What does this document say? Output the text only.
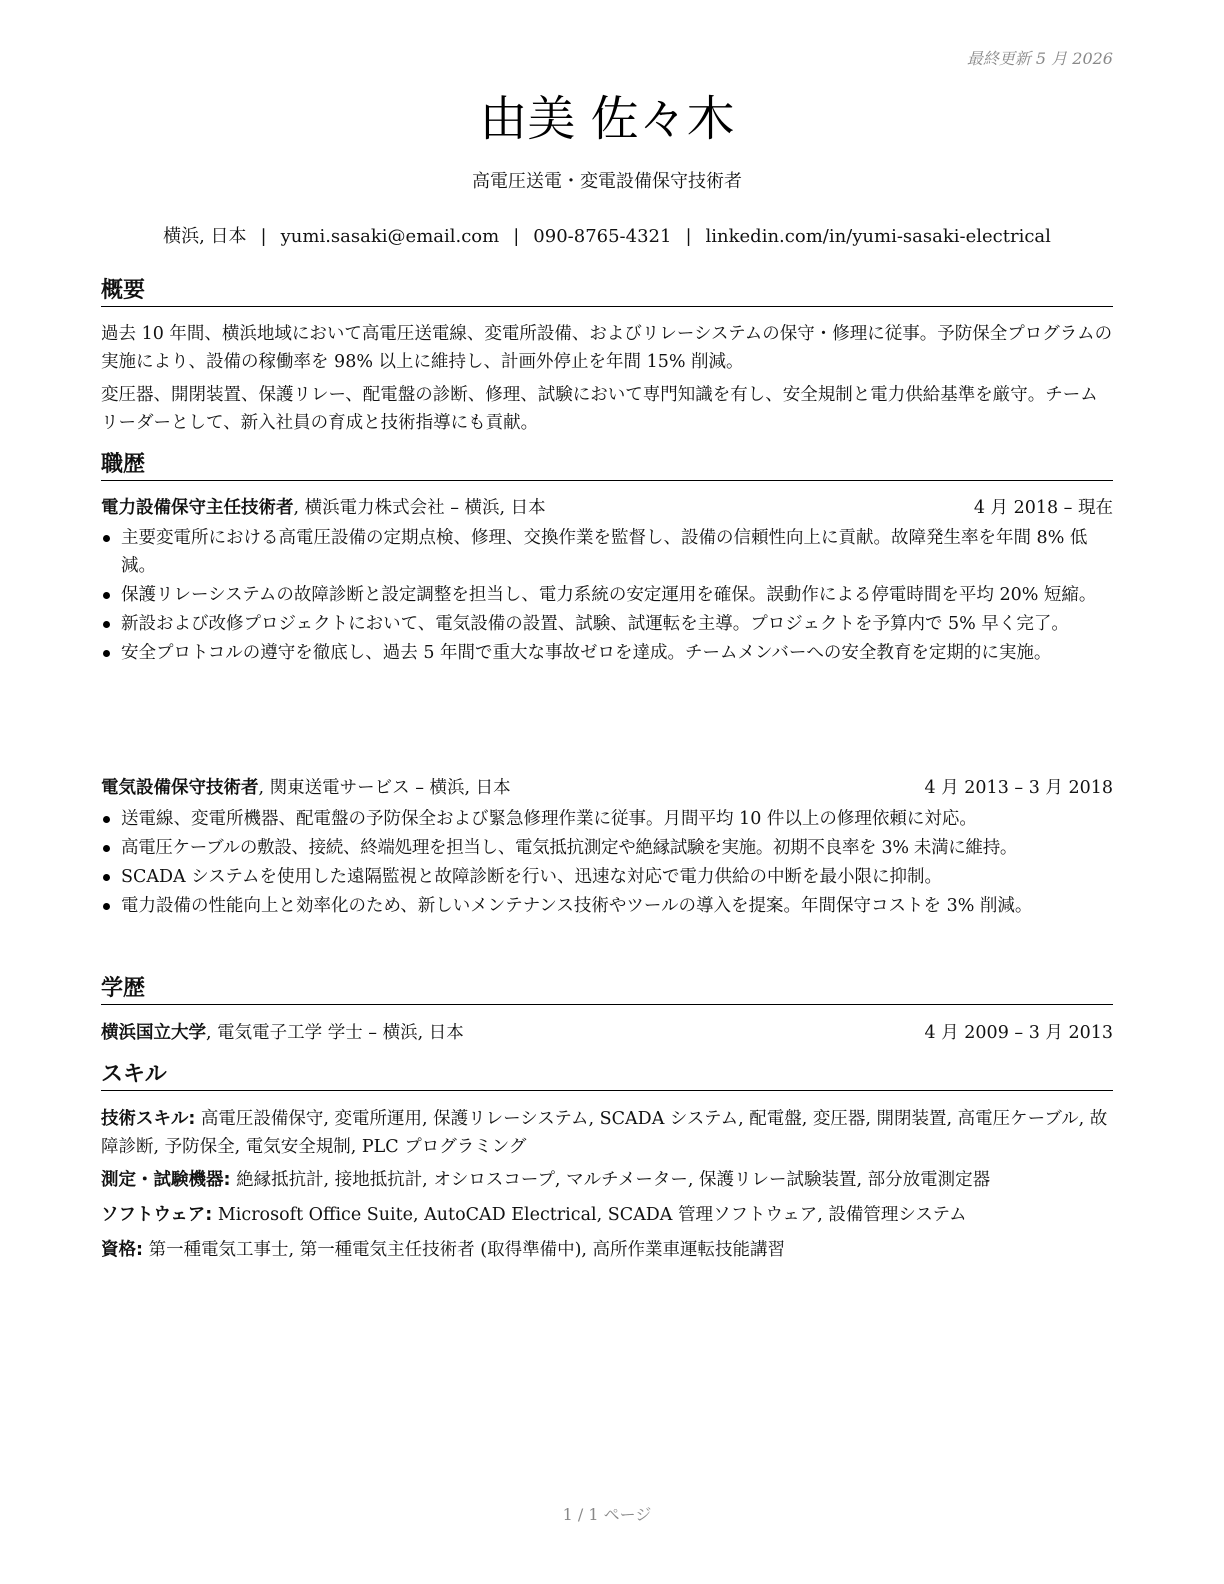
最終更新 5 月 2026
由美 佐々木
高電圧送電・変電設備保守技術者
横浜, 日本 | yumi.sasaki@email.com | 090-8765-4321 | linkedin.com/in/yumi-sasaki-electrical
概要
過去 10 年間、横浜地域において高電圧送電線、変電所設備、およびリレーシステムの保守・修理に従事。予防保全プログラムの実施により、設備の稼働率を 98% 以上に維持し、計画外停止を年間 15% 削減。
変圧器、開閉装置、保護リレー、配電盤の診断、修理、試験において専門知識を有し、安全規制と電力供給基準を厳守。チームリーダーとして、新入社員の育成と技術指導にも貢献。
職歴
電力設備保守主任技術者, 横浜電力株式会社 – 横浜, 日本	4 月 2018 – 現在
主要変電所における高電圧設備の定期点検、修理、交換作業を監督し、設備の信頼性向上に貢献。故障発生率を年間 8% 低減。
保護リレーシステムの故障診断と設定調整を担当し、電力系統の安定運用を確保。誤動作による停電時間を平均 20% 短縮。
新設および改修プロジェクトにおいて、電気設備の設置、試験、試運転を主導。プロジェクトを予算内で 5% 早く完了。
安全プロトコルの遵守を徹底し、過去 5 年間で重大な事故ゼロを達成。チームメンバーへの安全教育を定期的に実施。
電気設備保守技術者, 関東送電サービス – 横浜, 日本	4 月 2013 – 3 月 2018
送電線、変電所機器、配電盤の予防保全および緊急修理作業に従事。月間平均 10 件以上の修理依頼に対応。
高電圧ケーブルの敷設、接続、終端処理を担当し、電気抵抗測定や絶縁試験を実施。初期不良率を 3% 未満に維持。
SCADA システムを使用した遠隔監視と故障診断を行い、迅速な対応で電力供給の中断を最小限に抑制。
電力設備の性能向上と効率化のため、新しいメンテナンス技術やツールの導入を提案。年間保守コストを 3% 削減。
学歴
横浜国立大学, 電気電子工学 学士 – 横浜, 日本	4 月 2009 – 3 月 2013
スキル
技術スキル: 高電圧設備保守, 変電所運用, 保護リレーシステム, SCADA システム, 配電盤, 変圧器, 開閉装置, 高電圧ケーブル, 故障診断, 予防保全, 電気安全規制, PLC プログラミング
測定・試験機器: 絶縁抵抗計, 接地抵抗計, オシロスコープ, マルチメーター, 保護リレー試験装置, 部分放電測定器
ソフトウェア: Microsoft Office Suite, AutoCAD Electrical, SCADA 管理ソフトウェア, 設備管理システム
資格: 第一種電気工事士, 第一種電気主任技術者 (取得準備中), 高所作業車運転技能講習
1 / 1 ページ
